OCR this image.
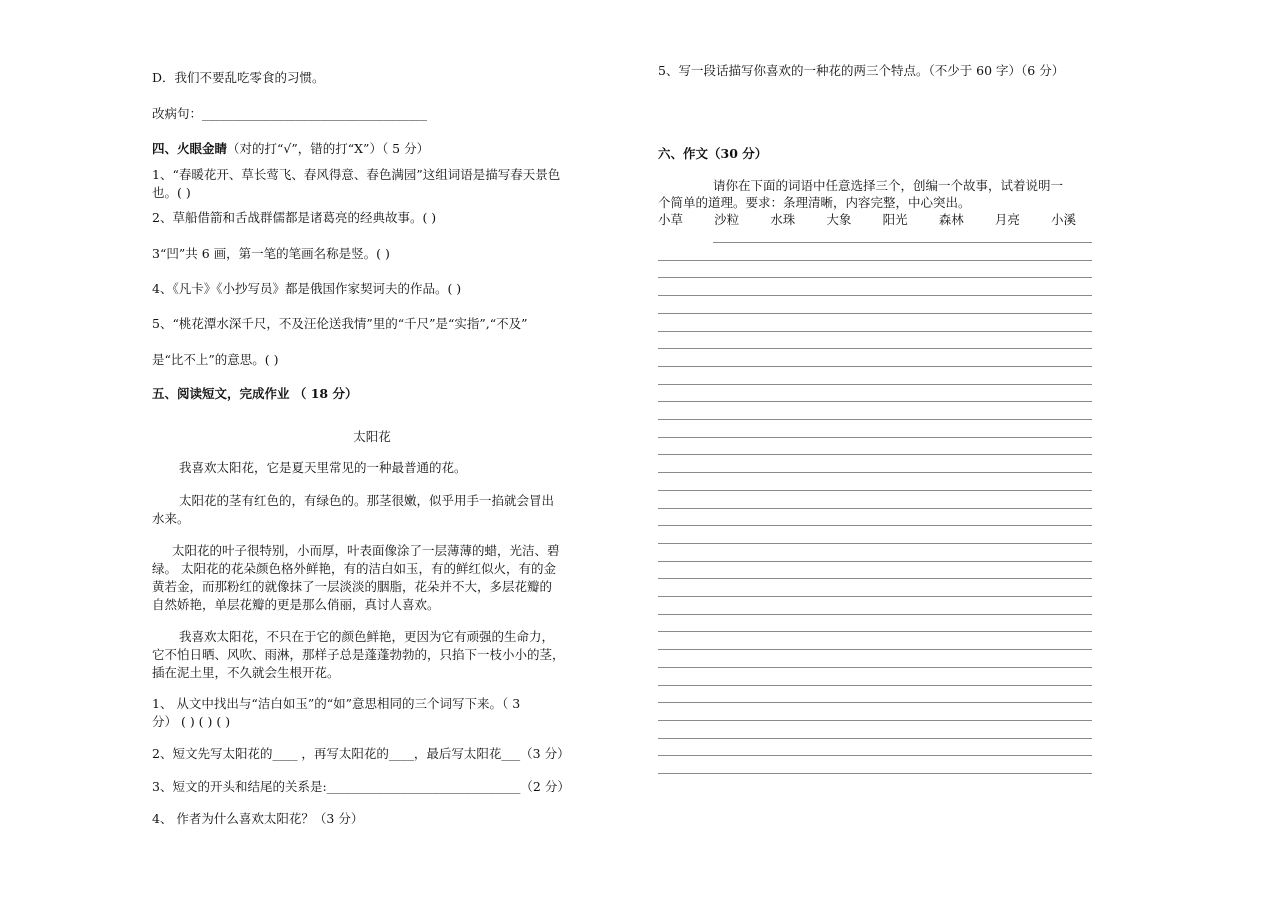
D．我们不要乱吃零食的习惯。
改病句：____________________________________
四、火眼金睛（对的打“√”，错的打“X”）（ 5 分）
1、“春暖花开、草长莺飞、春风得意、春色满园”这组词语是描写春天景色
也。( )
2、草船借箭和舌战群儒都是诸葛亮的经典故事。( )
3“凹”共 6 画，第一笔的笔画名称是竖。( )
4、《凡卡》《小抄写员》都是俄国作家契诃夫的作品。( )
5、“桃花潭水深千尺，不及汪伦送我情”里的“千尺”是“实指”,“不及”
是“比不上”的意思。( )
五、阅读短文，完成作业 （ 18 分）
太阳花
我喜欢太阳花，它是夏天里常见的一种最普通的花。
太阳花的茎有红色的，有绿色的。那茎很嫩，似乎用手一掐就会冒出
水来。
太阳花的叶子很特别，小而厚，叶表面像涂了一层薄薄的蜡，光洁、碧
绿。 太阳花的花朵颜色格外鲜艳，有的洁白如玉，有的鲜红似火，有的金
黄若金，而那粉红的就像抹了一层淡淡的胭脂，花朵并不大，多层花瓣的
自然娇艳，单层花瓣的更是那么俏丽，真讨人喜欢。
我喜欢太阳花，不只在于它的颜色鲜艳，更因为它有顽强的生命力，
它不怕日晒、风吹、雨淋，那样子总是蓬蓬勃勃的，只掐下一枝小小的茎，
插在泥土里，不久就会生根开花。
1、 从文中找出与“洁白如玉”的“如”意思相同的三个词写下来。（ 3
分） ( ) ( ) ( )
2、短文先写太阳花的____ ，再写太阳花的____，最后写太阳花___（3 分）
3、短文的开头和结尾的关系是:_______________________________（2 分）
4、 作者为什么喜欢太阳花？（3 分）
5、写一段话描写你喜欢的一种花的两三个特点。（不少于 60 字）（6 分）
六、作文（30 分）
请你在下面的词语中任意选择三个，创编一个故事，试着说明一
个简单的道理。要求：条理清晰，内容完整，中心突出。
小草 沙粒 水珠 大象 阳光 森林 月亮 小溪
